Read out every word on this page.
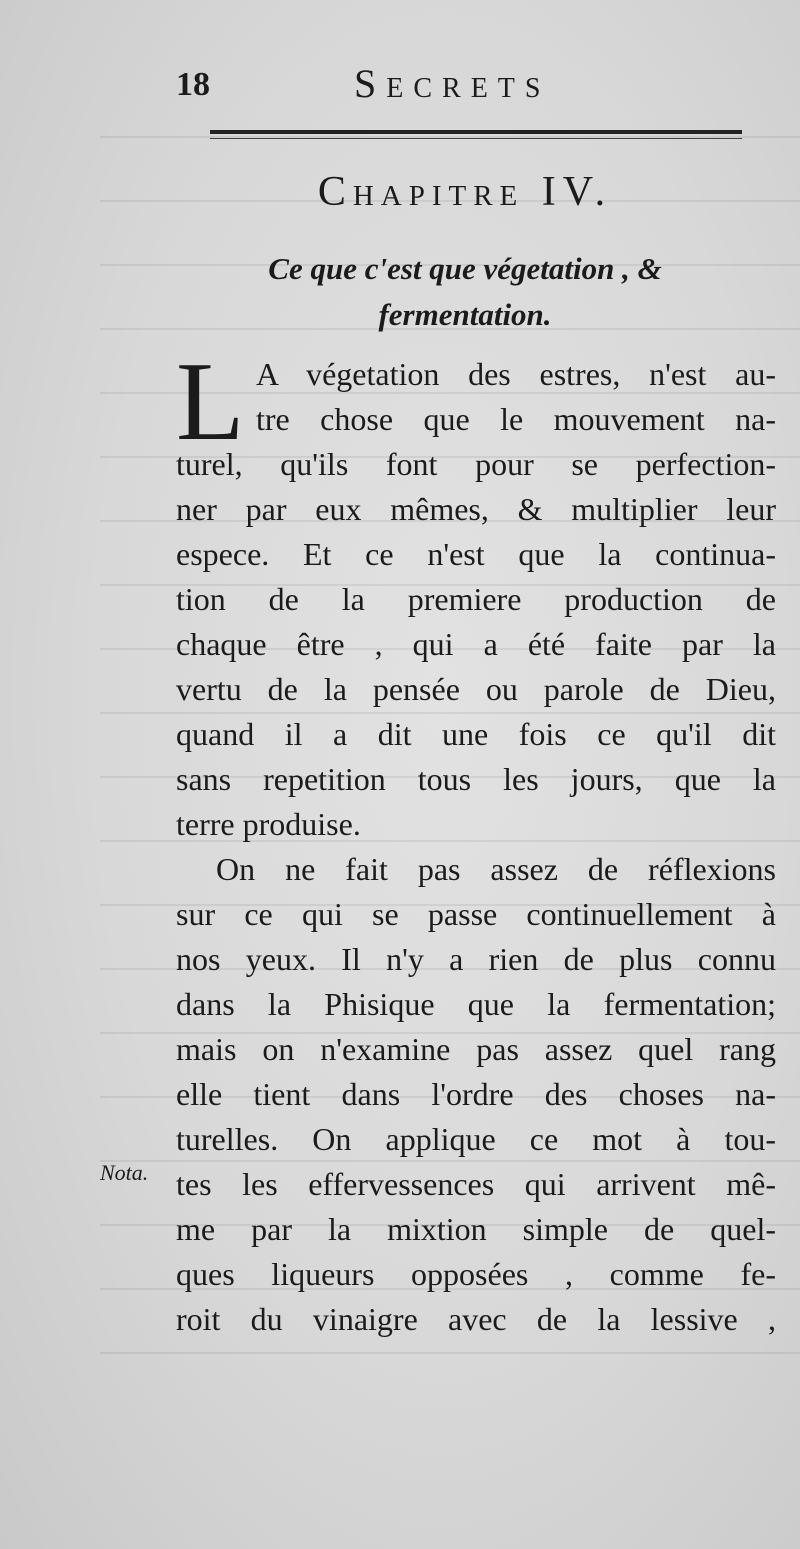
18	Secrets
Chapitre IV.
Ce que c'est que végetation , &
fermentation.
L A végetation des estres, n'est au-
tre chose que le mouvement na-
turel, qu'ils font pour se perfection-
ner par eux mêmes, & multiplier leur
espece. Et ce n'est que la continua-
tion de la premiere production de
chaque être , qui a été faite par la
vertu de la pensée ou parole de Dieu,
quand il a dit une fois ce qu'il dit
sans repetition tous les jours, que la
terre produise.
On ne fait pas assez de réflexions
sur ce qui se passe continuellement à
nos yeux. Il n'y a rien de plus connu
dans la Phisique que la fermentation;
mais on n'examine pas assez quel rang
elle tient dans l'ordre des choses na-
turelles. On applique ce mot à tou-
tes les effervessences qui arrivent mê-
me par la mixtion simple de quel-
ques liqueurs opposées , comme fe-
roit du vinaigre avec de la lessive ,
Nota.
